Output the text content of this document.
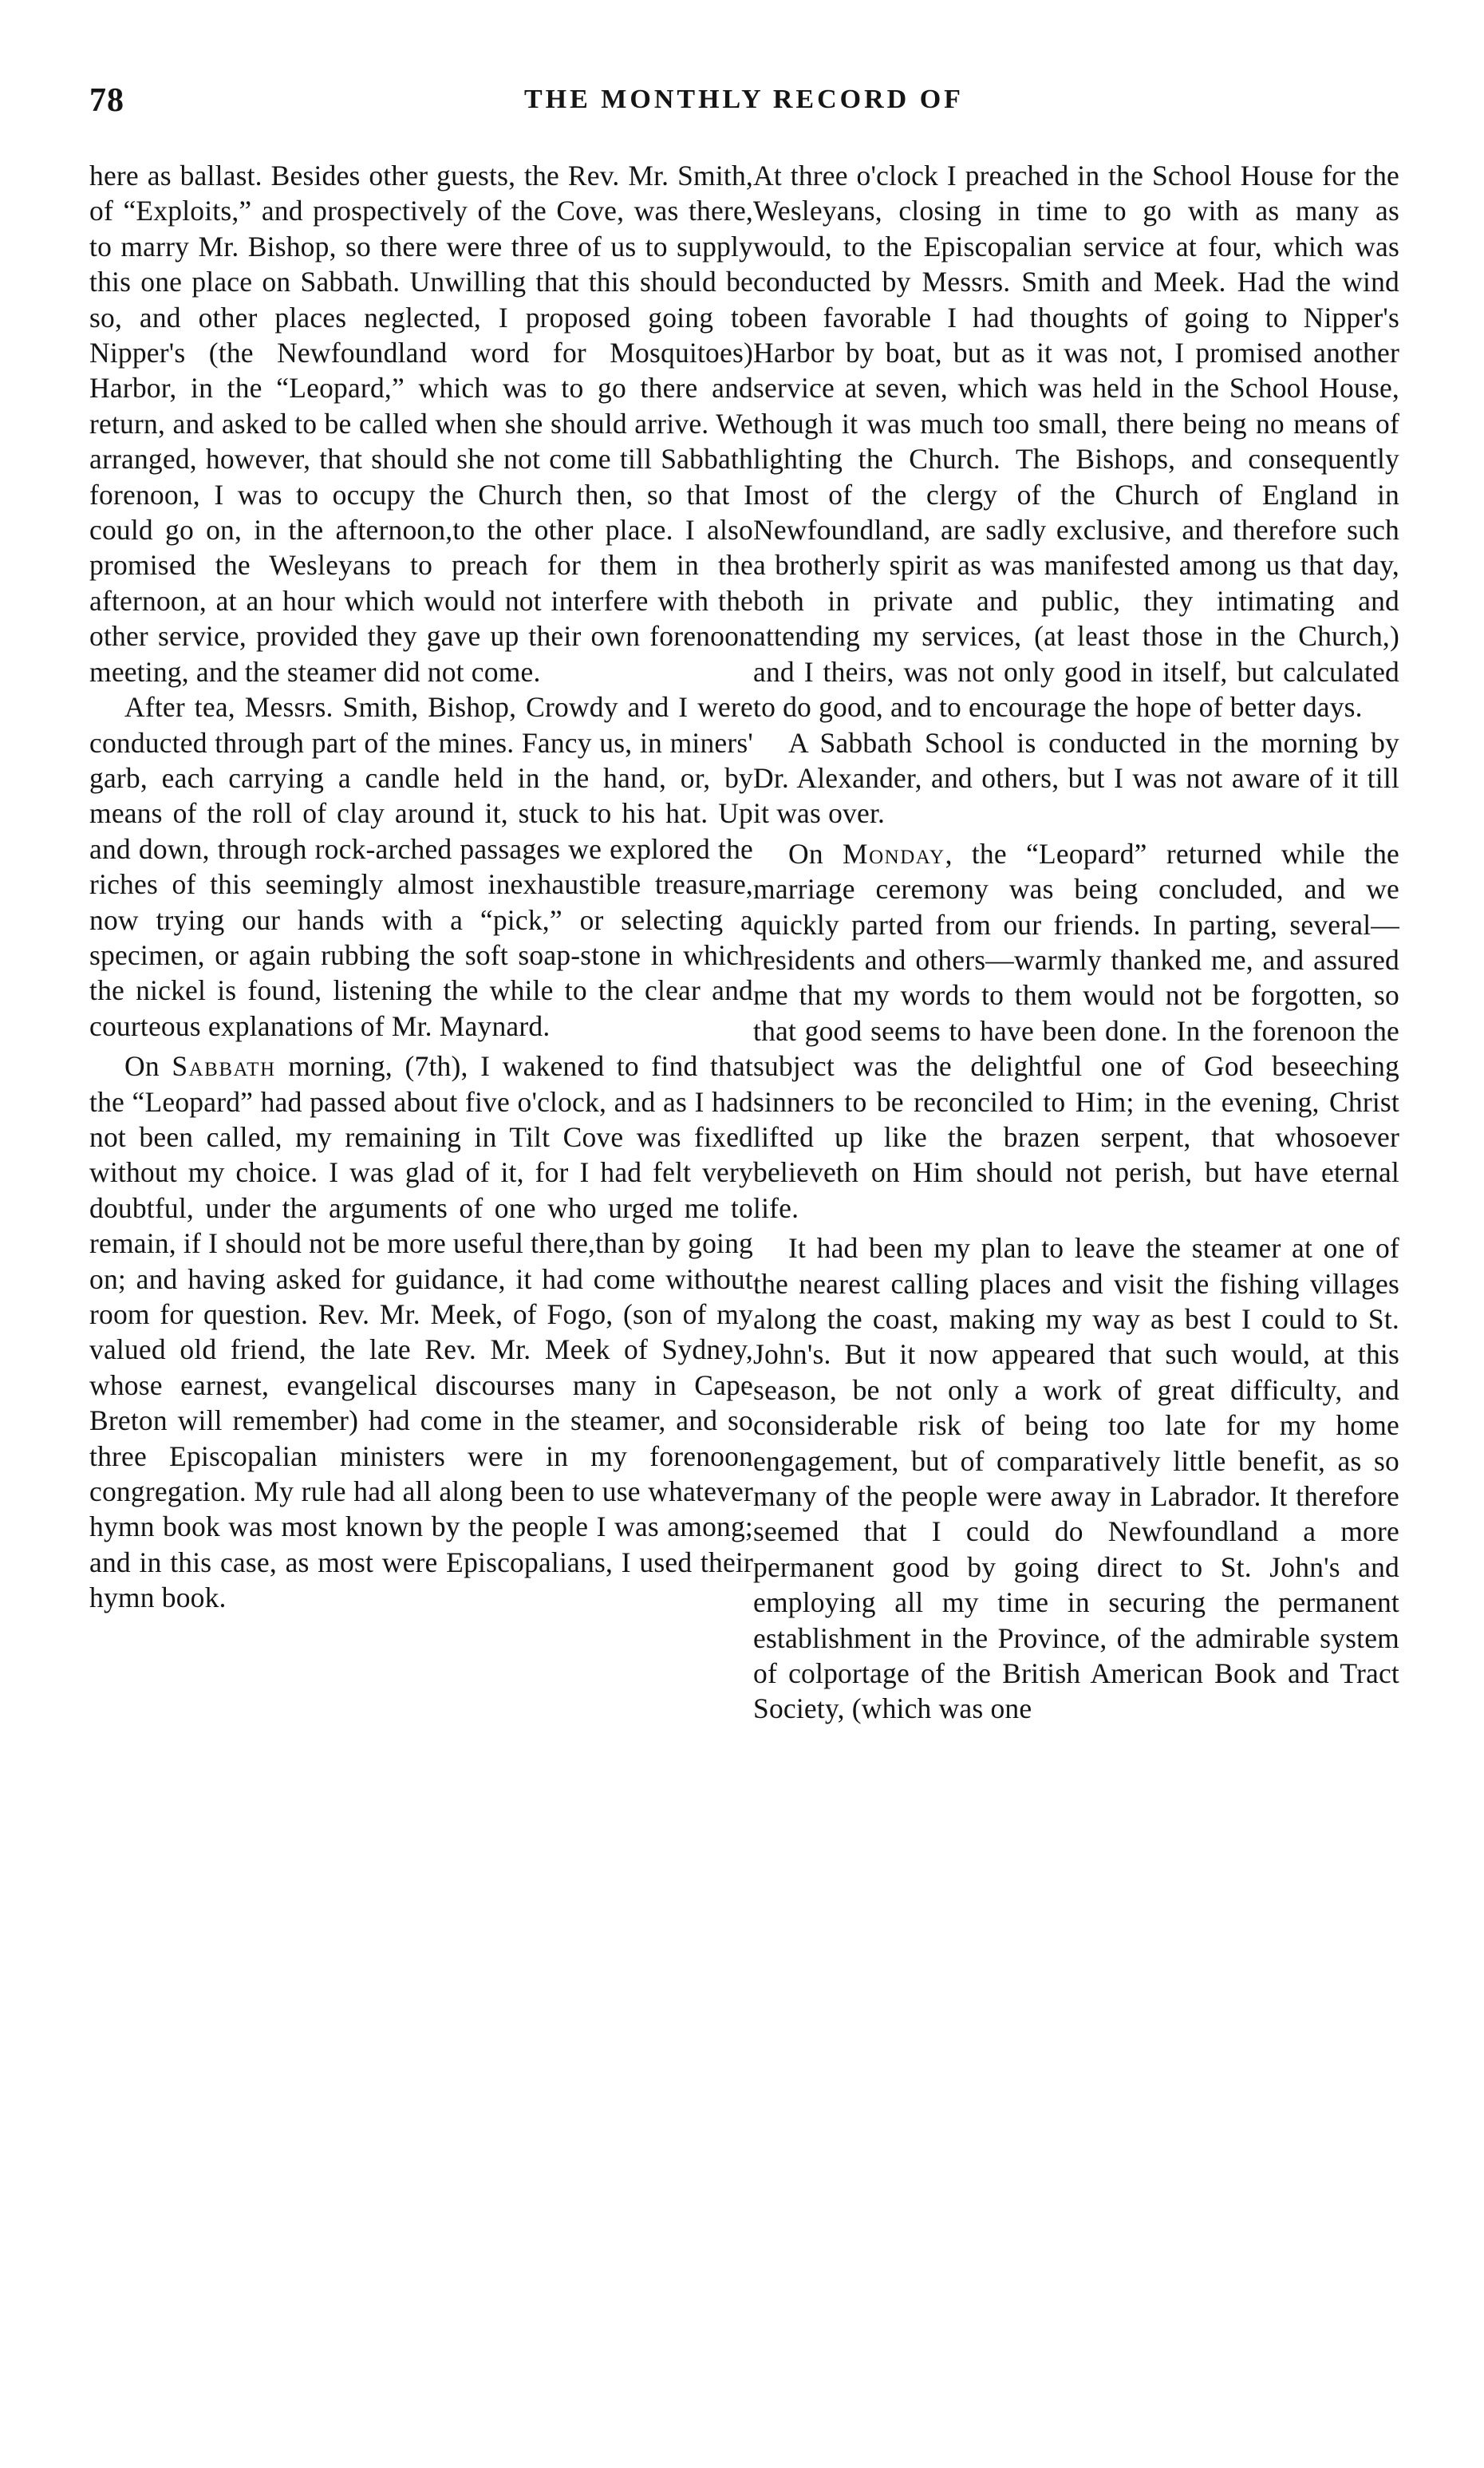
78	THE MONTHLY RECORD OF

here as ballast. Besides other guests, the Rev. Mr. Smith, of “Exploits,” and prospectively of the Cove, was there, to marry Mr. Bishop, so there were three of us to supply this one place on Sabbath. Unwilling that this should be so, and other places neglected, I proposed going to Nipper's (the Newfoundland word for Mosquitoes) Harbor, in the “Leopard,” which was to go there and return, and asked to be called when she should arrive. We arranged, however, that should she not come till Sabbath forenoon, I was to occupy the Church then, so that I could go on, in the afternoon,to the other place. I also promised the Wesleyans to preach for them in the afternoon, at an hour which would not interfere with the other service, provided they gave up their own forenoon meeting, and the steamer did not come.

After tea, Messrs. Smith, Bishop, Crowdy and I were conducted through part of the mines. Fancy us, in miners' garb, each carrying a candle held in the hand, or, by means of the roll of clay around it, stuck to his hat. Up and down, through rock-arched passages we explored the riches of this seemingly almost inexhaustible treasure, now trying our hands with a “pick,” or selecting a specimen, or again rubbing the soft soap-stone in which the nickel is found, listening the while to the clear and courteous explanations of Mr. Maynard.

On Sabbath morning, (7th), I wakened to find that the “Leopard” had passed about five o'clock, and as I had not been called, my remaining in Tilt Cove was fixed without my choice. I was glad of it, for I had felt very doubtful, under the arguments of one who urged me to remain, if I should not be more useful there,than by going on; and having asked for guidance, it had come without room for question. Rev. Mr. Meek, of Fogo, (son of my valued old friend, the late Rev. Mr. Meek of Sydney, whose earnest, evangelical discourses many in Cape Breton will remember) had come in the steamer, and so three Episcopalian ministers were in my forenoon congregation. My rule had all along been to use whatever hymn book was most known by the people I was among; and in this case, as most were Episcopalians, I used their hymn book.

At three o'clock I preached in the School House for the Wesleyans, closing in time to go with as many as would, to the Episcopalian service at four, which was conducted by Messrs. Smith and Meek. Had the wind been favorable I had thoughts of going to Nipper's Harbor by boat, but as it was not, I promised another service at seven, which was held in the School House, though it was much too small, there being no means of lighting the Church. The Bishops, and consequently most of the clergy of the Church of England in Newfoundland, are sadly exclusive, and therefore such a brotherly spirit as was manifested among us that day, both in private and public, they intimating and attending my services, (at least those in the Church,) and I theirs, was not only good in itself, but calculated to do good, and to encourage the hope of better days.

A Sabbath School is conducted in the morning by Dr. Alexander, and others, but I was not aware of it till it was over.

On Monday, the “Leopard” returned while the marriage ceremony was being concluded, and we quickly parted from our friends. In parting, several—residents and others—warmly thanked me, and assured me that my words to them would not be forgotten, so that good seems to have been done. In the forenoon the subject was the delightful one of God beseeching sinners to be reconciled to Him; in the evening, Christ lifted up like the brazen serpent, that whosoever believeth on Him should not perish, but have eternal life.

It had been my plan to leave the steamer at one of the nearest calling places and visit the fishing villages along the coast, making my way as best I could to St. John's. But it now appeared that such would, at this season, be not only a work of great difficulty, and considerable risk of being too late for my home engagement, but of comparatively little benefit, as so many of the people were away in Labrador. It therefore seemed that I could do Newfoundland a more permanent good by going direct to St. John's and employing all my time in securing the permanent establishment in the Province, of the admirable system of colportage of the British American Book and Tract Society, (which was one
